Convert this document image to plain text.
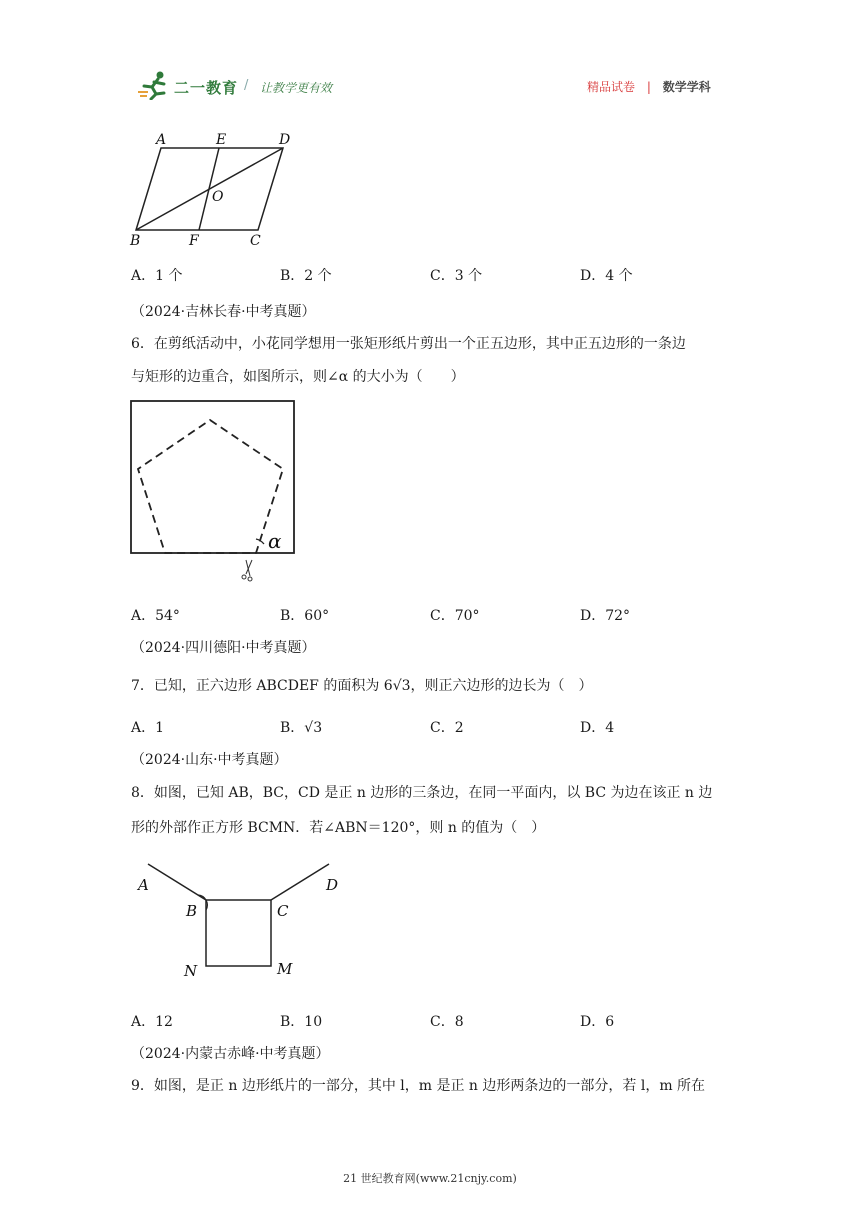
二一教育 / 让教学更有效	精品试卷 | 数学学科
A	E	D
O
B	F	C
A．1 个	B．2 个	C．3 个	D．4 个
（2024·吉林长春·中考真题）
6．在剪纸活动中，小花同学想用一张矩形纸片剪出一个正五边形，其中正五边形的一条边
与矩形的边重合，如图所示，则∠α 的大小为（　　）
α
A．54°	B．60°	C．70°	D．72°
（2024·四川德阳·中考真题）
7．已知，正六边形 ABCDEF 的面积为 6√3，则正六边形的边长为（　）
A．1	B．√3	C．2	D．4
（2024·山东·中考真题）
8．如图，已知 AB，BC，CD 是正 n 边形的三条边，在同一平面内，以 BC 为边在该正 n 边
形的外部作正方形 BCMN．若∠ABN＝120°，则 n 的值为（　）
A
B	C
D
N	M
A．12	B．10	C．8	D．6
（2024·内蒙古赤峰·中考真题）
9．如图，是正 n 边形纸片的一部分，其中 l，m 是正 n 边形两条边的一部分，若 l，m 所在
21 世纪教育网(www.21cnjy.com)
